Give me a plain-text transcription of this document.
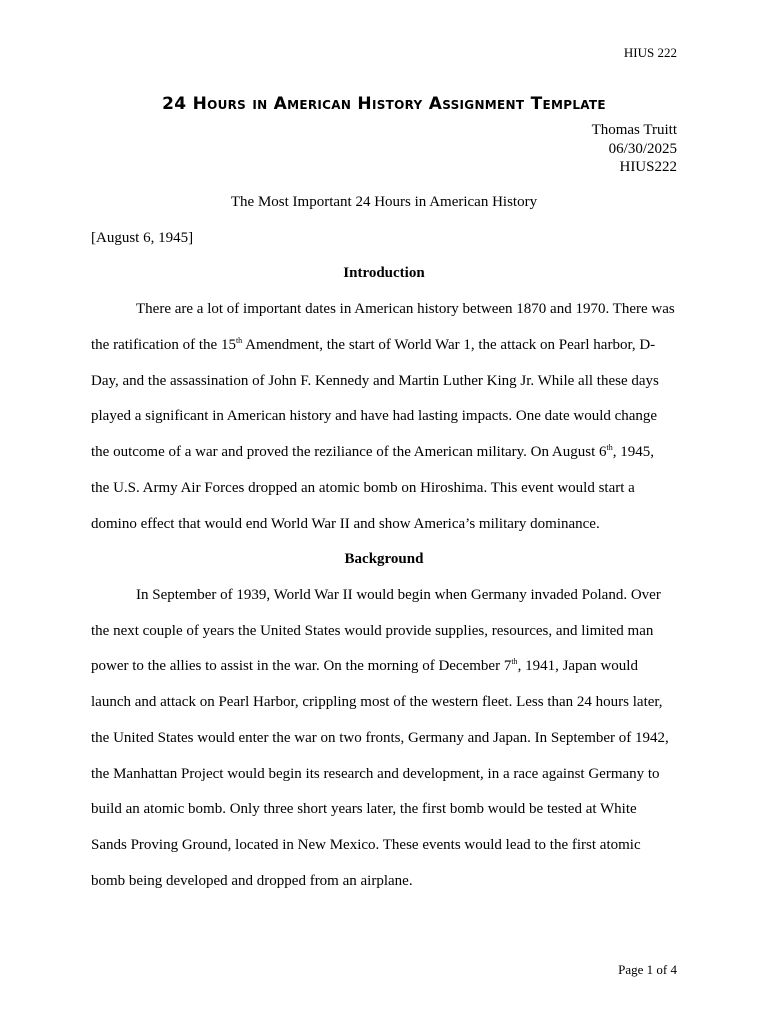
HIUS 222
24 Hours in American History Assignment Template
Thomas Truitt
06/30/2025
HIUS222
The Most Important 24 Hours in American History
[August 6, 1945]
Introduction
There are a lot of important dates in American history between 1870 and 1970. There was
the ratification of the 15th Amendment, the start of World War 1, the attack on Pearl harbor, D-
Day, and the assassination of John F. Kennedy and Martin Luther King Jr. While all these days
played a significant in American history and have had lasting impacts. One date would change
the outcome of a war and proved the reziliance of the American military. On August 6th, 1945,
the U.S. Army Air Forces dropped an atomic bomb on Hiroshima. This event would start a
domino effect that would end World War II and show America’s military dominance.
Background
In September of 1939, World War II would begin when Germany invaded Poland. Over
the next couple of years the United States would provide supplies, resources, and limited man
power to the allies to assist in the war. On the morning of December 7th, 1941, Japan would
launch and attack on Pearl Harbor, crippling most of the western fleet. Less than 24 hours later,
the United States would enter the war on two fronts, Germany and Japan. In September of 1942,
the Manhattan Project would begin its research and development, in a race against Germany to
build an atomic bomb. Only three short years later, the first bomb would be tested at White
Sands Proving Ground, located in New Mexico. These events would lead to the first atomic
bomb being developed and dropped from an airplane.
Page 1 of 4
